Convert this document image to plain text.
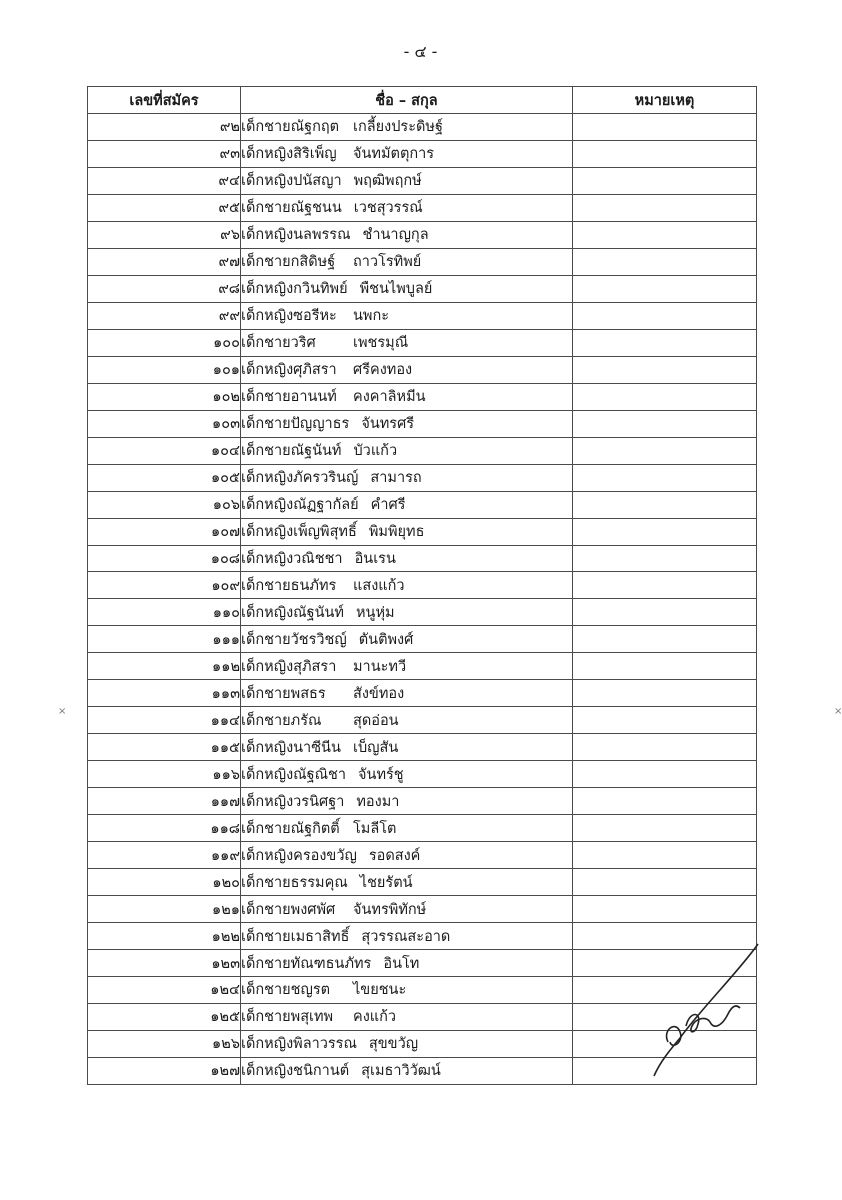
- ๔ -
เลขที่สมัคร	ชื่อ – สกุล	หมายเหตุ
๙๒	เด็กชายณัฐกฤต เกลี้ยงประดิษฐ์	
๙๓	เด็กหญิงสิริเพ็ญ จันทมัตตุการ	
๙๔	เด็กหญิงปนัสญา พฤฒิพฤกษ์	
๙๕	เด็กชายณัฐชนน เวชสุวรรณ์	
๙๖	เด็กหญิงนลพรรณ ชำนาญกุล	
๙๗	เด็กชายกสิดิษฐ์ ถาวโรทิพย์	
๙๘	เด็กหญิงกวินทิพย์ พืชนไพบูลย์	
๙๙	เด็กหญิงซอรีหะ นพกะ	
๑๐๐	เด็กชายวริศ เพชรมุณี	
๑๐๑	เด็กหญิงศุภิสรา ศรีคงทอง	
๑๐๒	เด็กชายอานนท์ คงคาลิหมีน	
๑๐๓	เด็กชายปัญญาธร จันทรศรี	
๑๐๔	เด็กชายณัฐนันท์ บัวแก้ว	
๑๐๕	เด็กหญิงภัครวรินญ์ สามารถ	
๑๐๖	เด็กหญิงณัฏฐากัลย์ คำศรี	
๑๐๗	เด็กหญิงเพ็ญพิสุทธิ์ พิมพิยุทธ	
๑๐๘	เด็กหญิงวณิชชา อินเรน	
๑๐๙	เด็กชายธนภัทร แสงแก้ว	
๑๑๐	เด็กหญิงณัฐนันท์ หนูหุ่ม	
๑๑๑	เด็กชายวัชรวิชญ์ ตันติพงศ์	
๑๑๒	เด็กหญิงสุภิสรา มานะทวี	
๑๑๓	เด็กชายพสธร สังข์ทอง	
๑๑๔	เด็กชายภรัณ สุดอ่อน	
๑๑๕	เด็กหญิงนาซีนีน เบ็ญสัน	
๑๑๖	เด็กหญิงณัฐณิชา จันทร์ชู	
๑๑๗	เด็กหญิงวรนิศฐา ทองมา	
๑๑๘	เด็กชายณัฐกิตติ์ โมลีโต	
๑๑๙	เด็กหญิงครองขวัญ รอดสงค์	
๑๒๐	เด็กชายธรรมคุณ ไชยรัตน์	
๑๒๑	เด็กชายพงศพัศ จันทรพิทักษ์	
๑๒๒	เด็กชายเมธาสิทธิ์ สุวรรณสะอาด	
๑๒๓	เด็กชายทัณฑธนภัทร อินโท	
๑๒๔	เด็กชายชญรต ไขยชนะ	
๑๒๕	เด็กชายพสุเทพ คงแก้ว	
๑๒๖	เด็กหญิงพิลาวรรณ สุขขวัญ	
๑๒๗	เด็กหญิงชนิกานต์ สุเมธาวิวัฒน์	
×	×
